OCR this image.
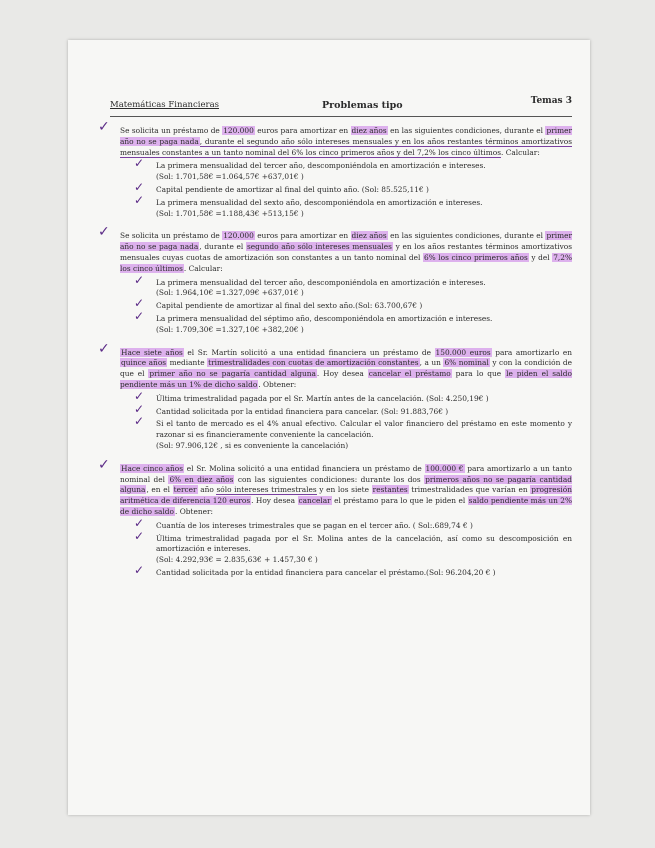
Matemáticas Financieras	Problemas tipo	Temas 3
✓ Se solicita un préstamo de 120.000 euros para amortizar en diez años en las siguientes condiciones, durante el primer año no se paga nada, durante el segundo año sólo intereses mensuales y en los años restantes términos amortizativos mensuales constantes a un tanto nominal del 6% los cinco primeros años y del 7,2% los cinco últimos. Calcular:
✓ La primera mensualidad del tercer año, descomponiéndola en amortización e intereses.
(Sol: 1.701,58€ =1.064,57€ +637,01€ )
✓ Capital pendiente de amortizar al final del quinto año. (Sol: 85.525,11€ )
✓ La primera mensualidad del sexto año, descomponiéndola en amortización e intereses.
(Sol: 1.701,58€ =1.188,43€ +513,15€ )
✓ Se solicita un préstamo de 120.000 euros para amortizar en diez años en las siguientes condiciones, durante el primer año no se paga nada, durante el segundo año sólo intereses mensuales y en los años restantes términos amortizativos mensuales cuyas cuotas de amortización son constantes a un tanto nominal del 6% los cinco primeros años y del 7,2% los cinco últimos. Calcular:
✓ La primera mensualidad del tercer año, descomponiéndola en amortización e intereses.
(Sol: 1.964,10€ =1.327,09€ +637,01€ )
✓ Capital pendiente de amortizar al final del sexto año.(Sol: 63.700,67€ )
✓ La primera mensualidad del séptimo año, descomponiéndola en amortización e intereses.
(Sol: 1.709,30€ =1.327,10€ +382,20€ )
✓ Hace siete años el Sr. Martín solicitó a una entidad financiera un préstamo de 150.000 euros para amortizarlo en quince años mediante trimestralidades con cuotas de amortización constantes, a un 6% nominal y con la condición de que el primer año no se pagaría cantidad alguna. Hoy desea cancelar el préstamo para lo que le piden el saldo pendiente más un 1% de dicho saldo. Obtener:
✓ Última trimestralidad pagada por el Sr. Martín antes de la cancelación. (Sol: 4.250,19€ )
✓ Cantidad solicitada por la entidad financiera para cancelar. (Sol: 91.883,76€ )
✓ Si el tanto de mercado es el 4% anual efectivo. Calcular el valor financiero del préstamo en este momento y razonar si es financieramente conveniente la cancelación.
(Sol: 97.906,12€ , si es conveniente la cancelación)
✓ Hace cinco años el Sr. Molina solicitó a una entidad financiera un préstamo de 100.000 € para amortizarlo a un tanto nominal del 6% en diez años con las siguientes condiciones: durante los dos primeros años no se pagaría cantidad alguna, en el tercer año sólo intereses trimestrales y en los siete restantes trimestralidades que varían en progresión aritmética de diferencia 120 euros. Hoy desea cancelar el préstamo para lo que le piden el saldo pendiente más un 2% de dicho saldo. Obtener:
✓ Cuantía de los intereses trimestrales que se pagan en el tercer año. ( Sol:.689,74 € )
✓ Última trimestralidad pagada por el Sr. Molina antes de la cancelación, así como su descomposición en amortización e intereses.
(Sol: 4.292,93€ = 2.835,63€ + 1.457,30 € )
✓ Cantidad solicitada por la entidad financiera para cancelar el préstamo.(Sol: 96.204,20 € )
